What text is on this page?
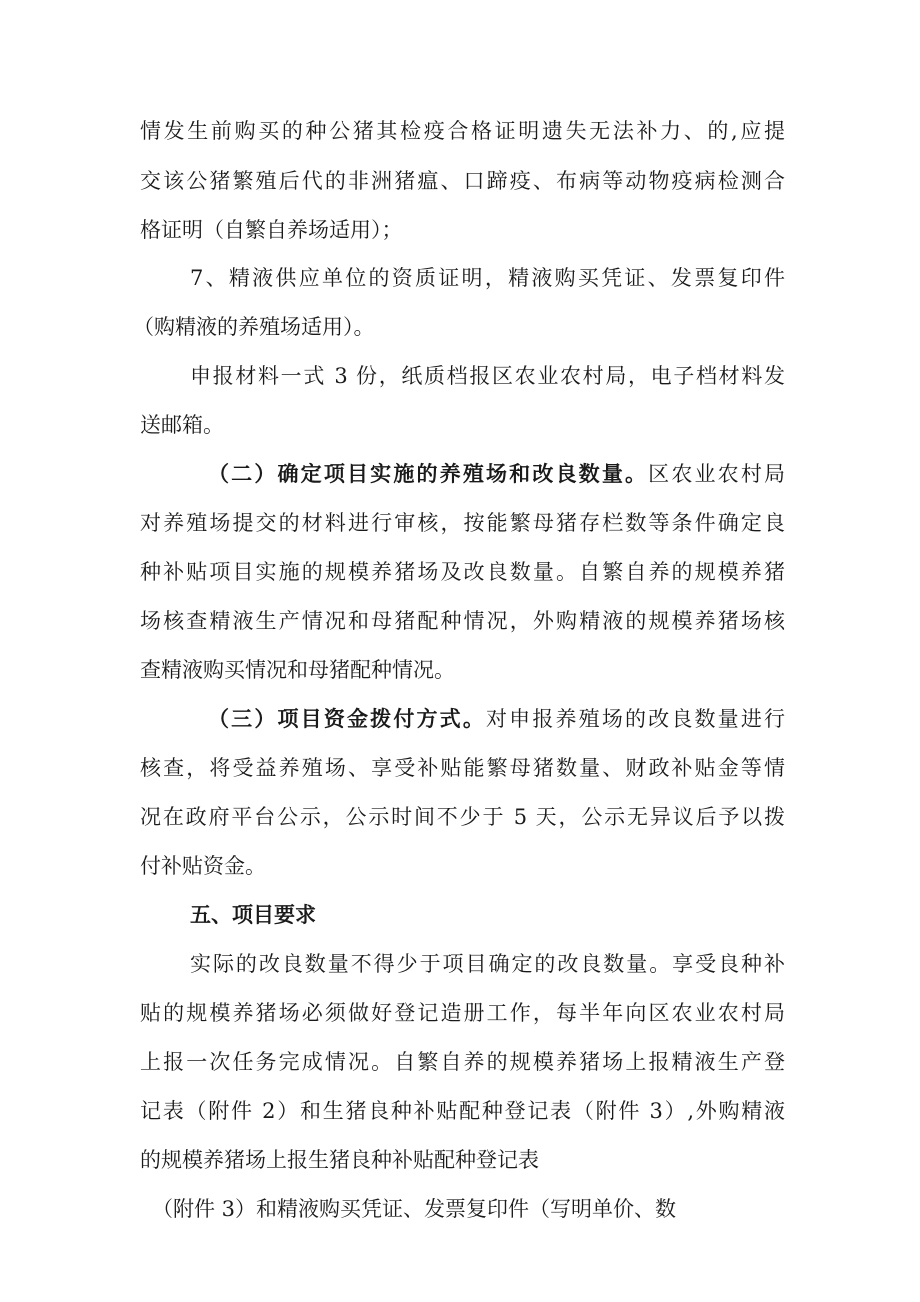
情发生前购买的种公猪其检疫合格证明遗失无法补力、的,应提
交该公猪繁殖后代的非洲猪瘟、口蹄疫、布病等动物疫病检测合
格证明（自繁自养场适用）；
7、精液供应单位的资质证明，精液购买凭证、发票复印件
（购精液的养殖场适用）。
申报材料一式 3 份，纸质档报区农业农村局，电子档材料发
送邮箱。
（二）确定项目实施的养殖场和改良数量。区农业农村局
对养殖场提交的材料进行审核，按能繁母猪存栏数等条件确定良
种补贴项目实施的规模养猪场及改良数量。自繁自养的规模养猪
场核查精液生产情况和母猪配种情况，外购精液的规模养猪场核
查精液购买情况和母猪配种情况。
（三）项目资金拨付方式。对申报养殖场的改良数量进行
核查，将受益养殖场、享受补贴能繁母猪数量、财政补贴金等情
况在政府平台公示，公示时间不少于 5 天，公示无异议后予以拨
付补贴资金。
五、项目要求
实际的改良数量不得少于项目确定的改良数量。享受良种补
贴的规模养猪场必须做好登记造册工作，每半年向区农业农村局
上报一次任务完成情况。自繁自养的规模养猪场上报精液生产登
记表（附件 2）和生猪良种补贴配种登记表（附件 3）,外购精液
的规模养猪场上报生猪良种补贴配种登记表
（附件 3）和精液购买凭证、发票复印件（写明单价、数
